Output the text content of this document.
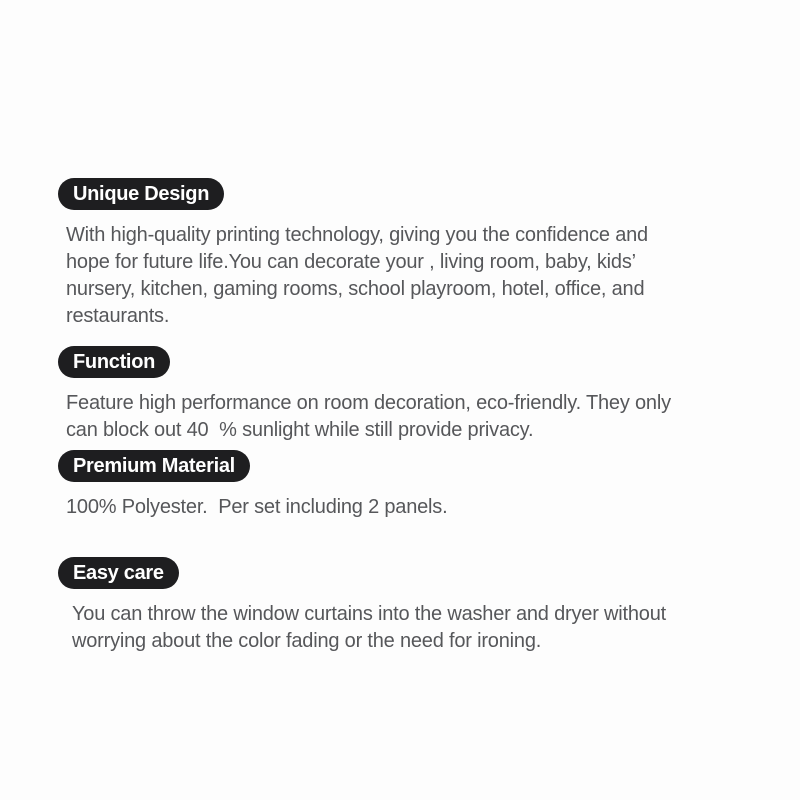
Unique Design
With high-quality printing technology, giving you the confidence and
hope for future life.You can decorate your , living room, baby, kids’
nursery, kitchen, gaming rooms, school playroom, hotel, office, and
restaurants.
Function
Feature high performance on room decoration, eco-friendly. They only
can block out 40  % sunlight while still provide privacy.
Premium Material
100% Polyester.  Per set including 2 panels.
Easy care
You can throw the window curtains into the washer and dryer without
worrying about the color fading or the need for ironing.
